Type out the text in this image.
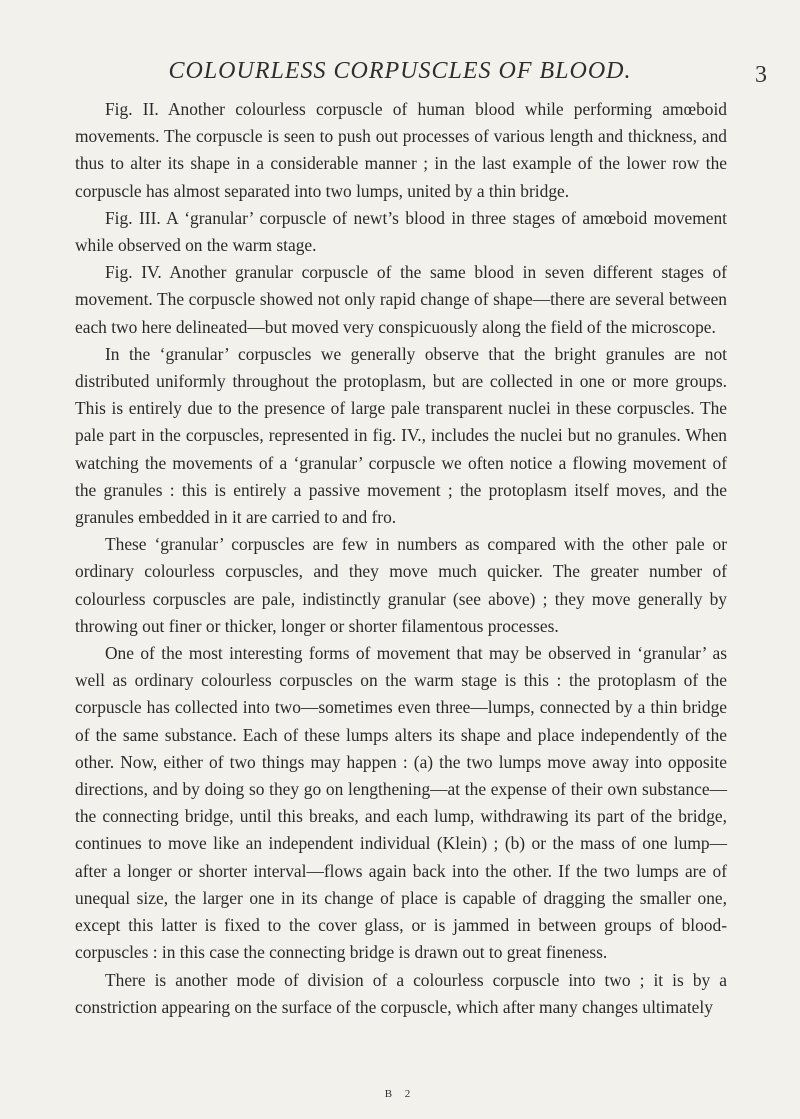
COLOURLESS CORPUSCLES OF BLOOD.	3

Fig. II. Another colourless corpuscle of human blood while performing amœboid movements. The corpuscle is seen to push out processes of various length and thickness, and thus to alter its shape in a considerable manner ; in the last example of the lower row the corpuscle has almost separated into two lumps, united by a thin bridge.

Fig. III. A ‘granular’ corpuscle of newt’s blood in three stages of amœboid movement while observed on the warm stage.

Fig. IV. Another granular corpuscle of the same blood in seven different stages of movement. The corpuscle showed not only rapid change of shape—there are several between each two here delineated—but moved very conspicuously along the field of the microscope.

In the ‘granular’ corpuscles we generally observe that the bright granules are not distributed uniformly throughout the protoplasm, but are collected in one or more groups. This is entirely due to the presence of large pale transparent nuclei in these corpuscles. The pale part in the corpuscles, represented in fig. IV., includes the nuclei but no granules. When watching the movements of a ‘granular’ corpuscle we often notice a flowing movement of the granules : this is entirely a passive movement ; the protoplasm itself moves, and the granules embedded in it are carried to and fro.

These ‘granular’ corpuscles are few in numbers as compared with the other pale or ordinary colourless corpuscles, and they move much quicker. The greater number of colourless corpuscles are pale, indistinctly granular (see above) ; they move generally by throwing out finer or thicker, longer or shorter filamentous processes.

One of the most interesting forms of movement that may be observed in ‘granular’ as well as ordinary colourless corpuscles on the warm stage is this : the protoplasm of the corpuscle has collected into two—sometimes even three—lumps, connected by a thin bridge of the same substance. Each of these lumps alters its shape and place independently of the other. Now, either of two things may happen : (a) the two lumps move away into opposite directions, and by doing so they go on lengthening—at the expense of their own substance—the connecting bridge, until this breaks, and each lump, withdrawing its part of the bridge, continues to move like an independent individual (Klein) ; (b) or the mass of one lump—after a longer or shorter interval—flows again back into the other. If the two lumps are of unequal size, the larger one in its change of place is capable of dragging the smaller one, except this latter is fixed to the cover glass, or is jammed in between groups of blood-corpuscles : in this case the connecting bridge is drawn out to great fineness.

There is another mode of division of a colourless corpuscle into two ; it is by a constriction appearing on the surface of the corpuscle, which after many changes ultimately

B 2
